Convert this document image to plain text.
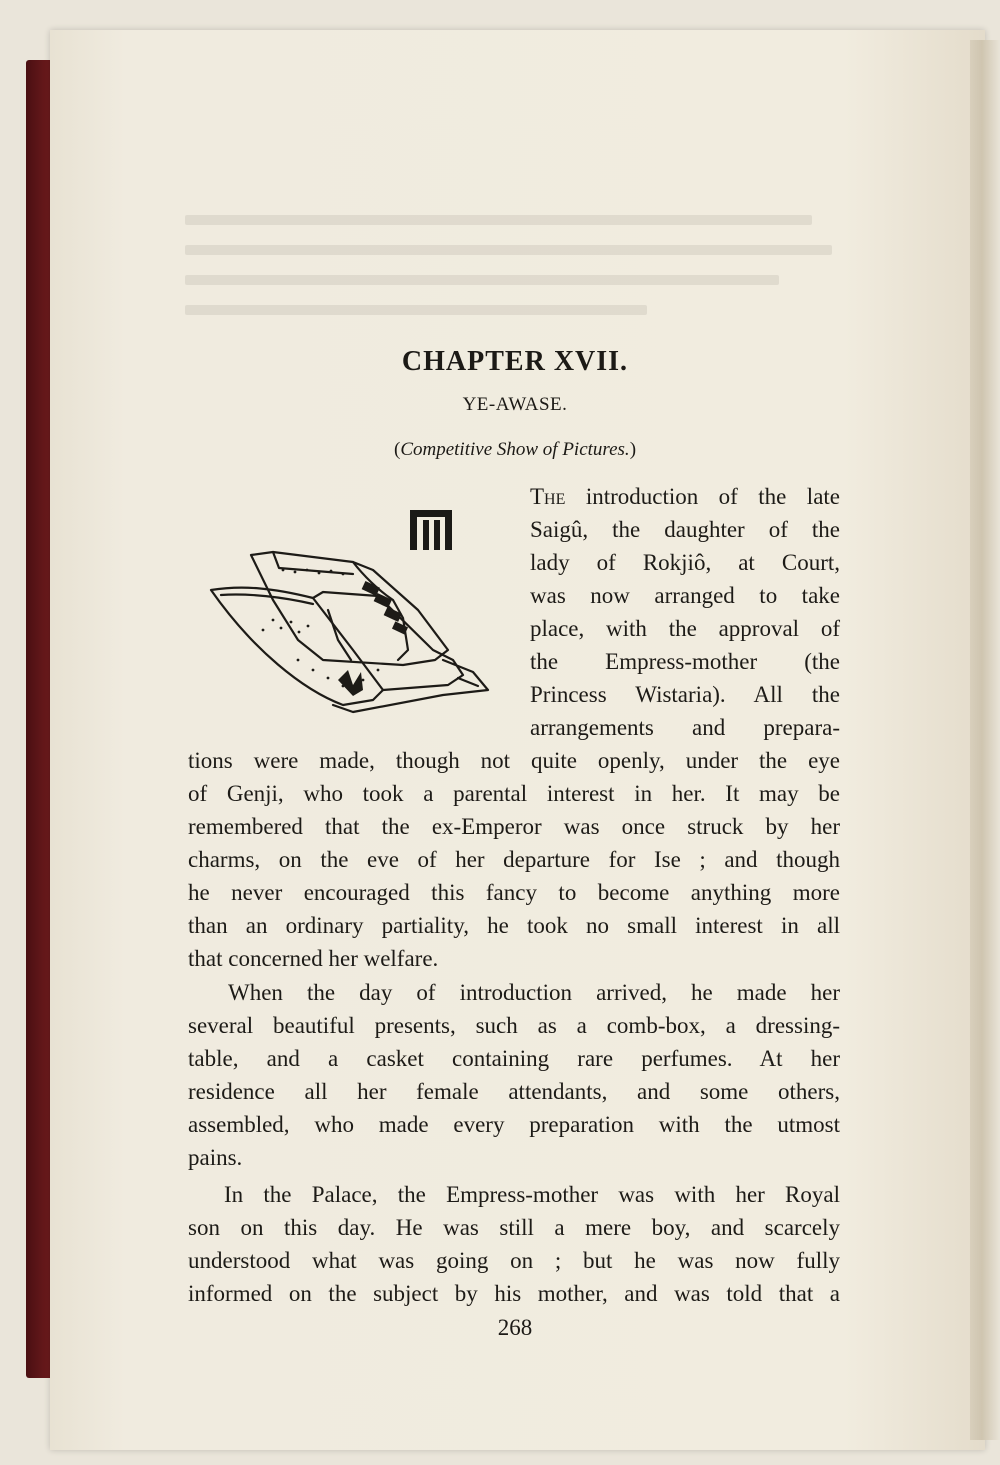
CHAPTER XVII.
YE-AWASE.
(Competitive Show of Pictures.)
The introduction of the late
Saigû, the daughter of the
lady of Rokjiô, at Court,
was now arranged to take
place, with the approval of
the Empress-mother (the
Princess Wistaria). All the
arrangements and prepara-
tions were made, though not quite openly, under the eye
of Genji, who took a parental interest in her. It may be
remembered that the ex-Emperor was once struck by her
charms, on the eve of her departure for Ise ; and though
he never encouraged this fancy to become anything more
than an ordinary partiality, he took no small interest in all
that concerned her welfare.
When the day of introduction arrived, he made her
several beautiful presents, such as a comb-box, a dressing-
table, and a casket containing rare perfumes. At her
residence all her female attendants, and some others,
assembled, who made every preparation with the utmost
pains.
In the Palace, the Empress-mother was with her Royal
son on this day. He was still a mere boy, and scarcely
understood what was going on ; but he was now fully
informed on the subject by his mother, and was told that a
268
